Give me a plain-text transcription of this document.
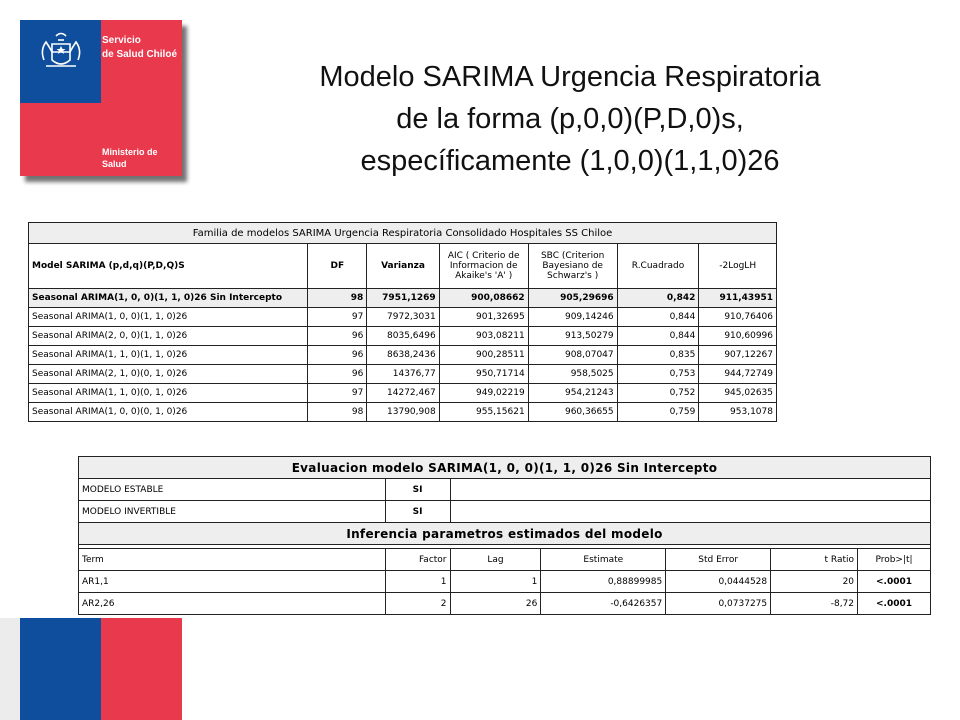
Servicio
de Salud Chiloé
Ministerio de
Salud
Modelo SARIMA Urgencia Respiratoria
de la forma (p,0,0)(P,D,0)s,
específicamente (1,0,0)(1,1,0)26
Familia de modelos SARIMA Urgencia Respiratoria Consolidado Hospitales SS Chiloe						
Model SARIMA (p,d,q)(P,D,Q)S	DF	Varianza	AIC ( Criterio de Informacion de Akaike's 'A' )	SBC (Criterion Bayesiano de Schwarz's )	R.Cuadrado	-2LogLH
Seasonal ARIMA(1, 0, 0)(1, 1, 0)26 Sin Intercepto	98	7951,1269	900,08662	905,29696	0,842	911,43951
Seasonal ARIMA(1, 0, 0)(1, 1, 0)26	97	7972,3031	901,32695	909,14246	0,844	910,76406
Seasonal ARIMA(2, 0, 0)(1, 1, 0)26	96	8035,6496	903,08211	913,50279	0,844	910,60996
Seasonal ARIMA(1, 1, 0)(1, 1, 0)26	96	8638,2436	900,28511	908,07047	0,835	907,12267
Seasonal ARIMA(2, 1, 0)(0, 1, 0)26	96	14376,77	950,71714	958,5025	0,753	944,72749
Seasonal ARIMA(1, 1, 0)(0, 1, 0)26	97	14272,467	949,02219	954,21243	0,752	945,02635
Seasonal ARIMA(1, 0, 0)(0, 1, 0)26	98	13790,908	955,15621	960,36655	0,759	953,1078
Evaluacion modelo SARIMA(1, 0, 0)(1, 1, 0)26 Sin Intercepto						
MODELO ESTABLE	SI					
MODELO INVERTIBLE	SI					
Inferencia parametros estimados del modelo						

Term	Factor	Lag	Estimate	Std Error	t Ratio	Prob>|t|
AR1,1	1	1	0,88899985	0,0444528	20	<.0001
AR2,26	2	26	-0,6426357	0,0737275	-8,72	<.0001
